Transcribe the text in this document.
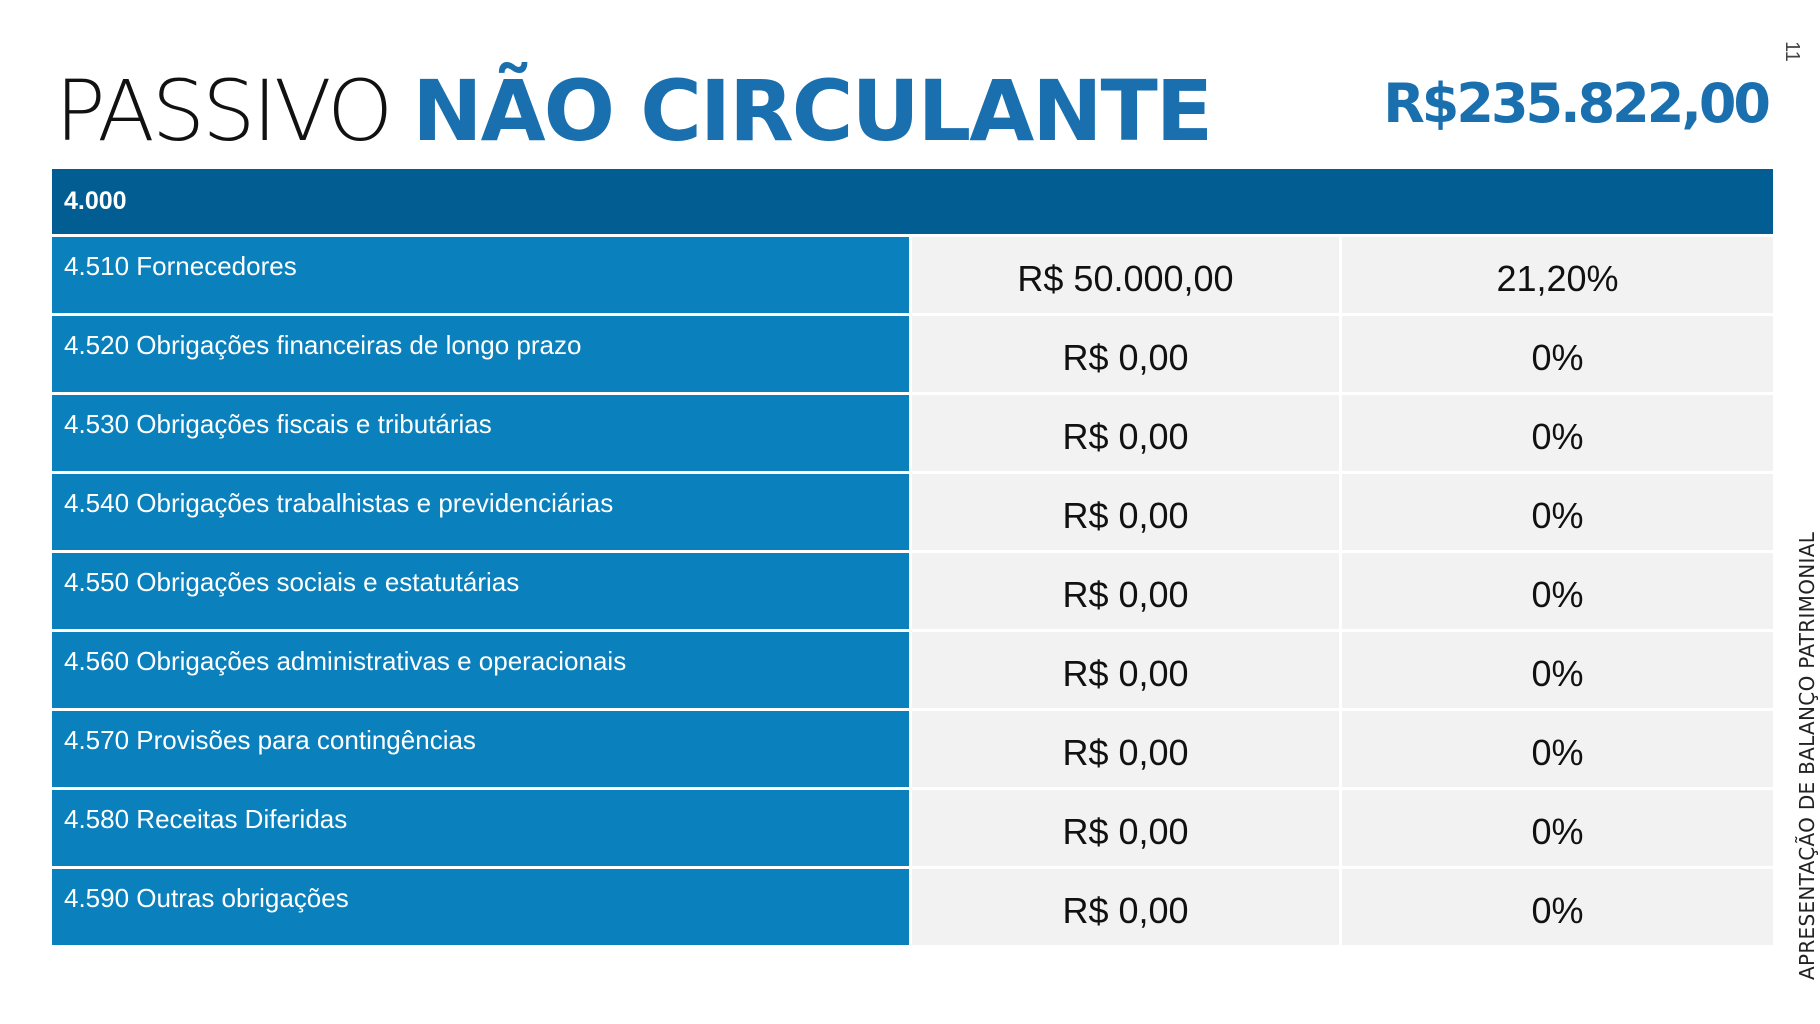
PASSIVO NÃO CIRCULANTE	R$235.822,00
11
APRESENTAÇÃO DE BALANÇO PATRIMONIAL
4.000
4.510 Fornecedores	R$ 50.000,00	21,20%
4.520 Obrigações financeiras de longo prazo	R$ 0,00	0%
4.530 Obrigações fiscais e tributárias	R$ 0,00	0%
4.540 Obrigações trabalhistas e previdenciárias	R$ 0,00	0%
4.550 Obrigações sociais e estatutárias	R$ 0,00	0%
4.560 Obrigações administrativas e operacionais	R$ 0,00	0%
4.570 Provisões para contingências	R$ 0,00	0%
4.580 Receitas Diferidas	R$ 0,00	0%
4.590 Outras obrigações	R$ 0,00	0%
